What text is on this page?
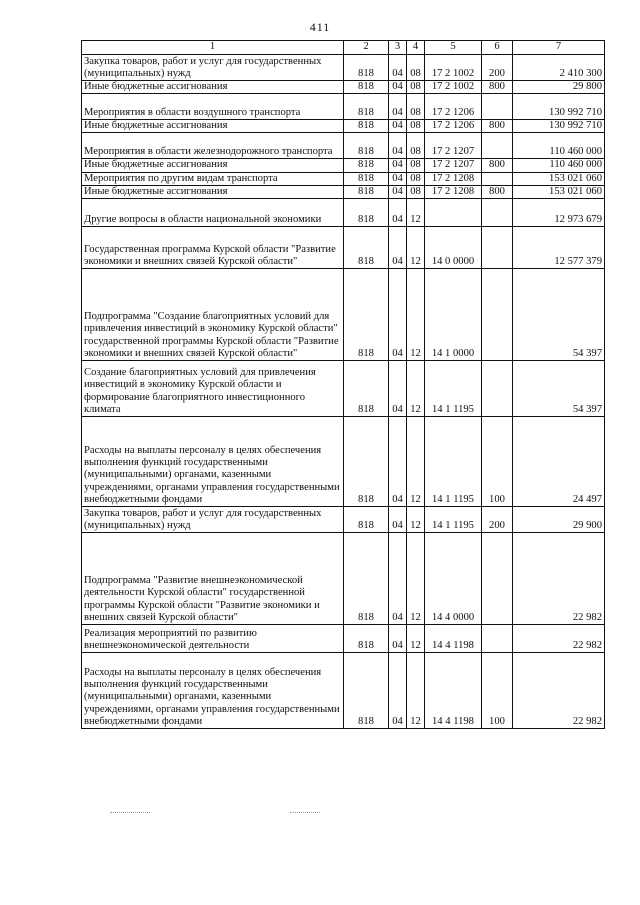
411
1	2	3	4	5	6	7
Закупка товаров, работ и услуг для государственных (муниципальных) нужд	818	04	08	17 2 1002	200	2 410 300
Иные бюджетные ассигнования	818	04	08	17 2 1002	800	29 800
Мероприятия в области воздушного транспорта	818	04	08	17 2 1206		130 992 710
Иные бюджетные ассигнования	818	04	08	17 2 1206	800	130 992 710
Мероприятия в области железнодорожного транспорта	818	04	08	17 2 1207		110 460 000
Иные бюджетные ассигнования	818	04	08	17 2 1207	800	110 460 000
Мероприятия по другим видам транспорта	818	04	08	17 2 1208		153 021 060
Иные бюджетные ассигнования	818	04	08	17 2 1208	800	153 021 060
Другие вопросы в области национальной экономики	818	04	12			12 973 679
Государственная программа Курской области "Развитие экономики и внешних связей Курской области"	818	04	12	14 0 0000		12 577 379
Подпрограмма "Создание благоприятных условий для привлечения инвестиций в экономику Курской области" государственной программы Курской области "Развитие экономики и внешних связей Курской области"	818	04	12	14 1 0000		54 397
Создание благоприятных условий для привлечения инвестиций в экономику Курской области и формирование благоприятного инвестиционного климата	818	04	12	14 1 1195		54 397
Расходы на выплаты персоналу в целях обеспечения выполнения функций государственными (муниципальными) органами, казенными учреждениями, органами управления государственными внебюджетными фондами	818	04	12	14 1 1195	100	24 497
Закупка товаров, работ и услуг для государственных (муниципальных) нужд	818	04	12	14 1 1195	200	29 900
Подпрограмма "Развитие внешнеэкономической деятельности Курской области" государственной программы Курской области "Развитие экономики и внешних связей Курской области"	818	04	12	14 4 0000		22 982
Реализация мероприятий по развитию внешнеэкономической деятельности	818	04	12	14 4 1198		22 982
Расходы на выплаты персоналу в целях обеспечения выполнения функций государственными (муниципальными) органами, казенными учреждениями, органами управления государственными внебюджетными фондами	818	04	12	14 4 1198	100	22 982
